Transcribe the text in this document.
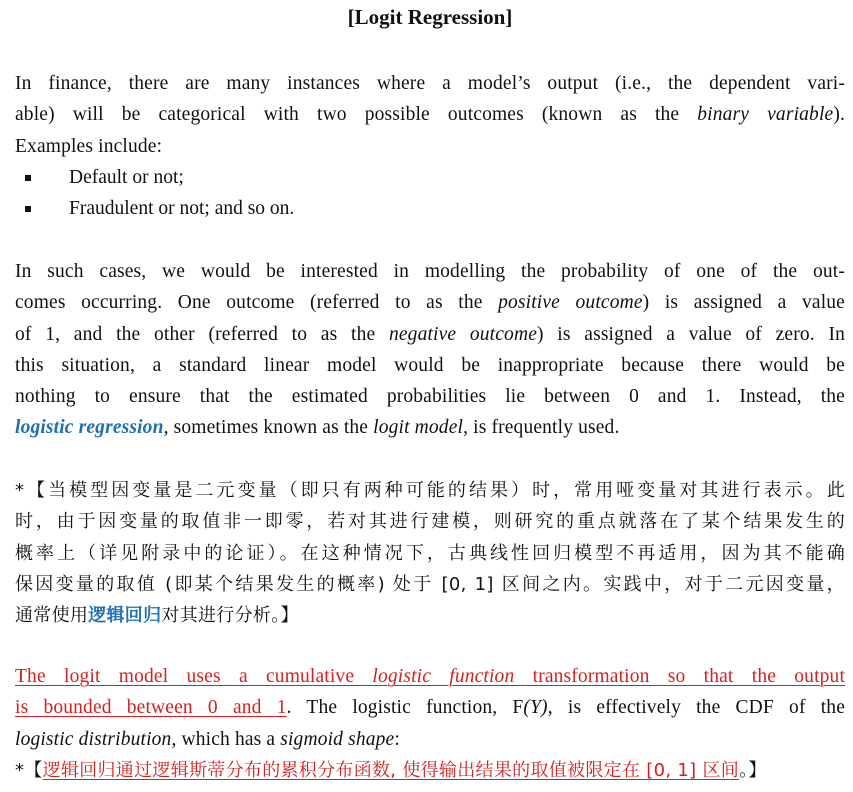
[Logit Regression]
In finance, there are many instances where a model’s output (i.e., the dependent vari-
able) will be categorical with two possible outcomes (known as the binary variable).
Examples include:
Default or not;
Fraudulent or not; and so on.
In such cases, we would be interested in modelling the probability of one of the out-
comes occurring. One outcome (referred to as the positive outcome) is assigned a value
of 1, and the other (referred to as the negative outcome) is assigned a value of zero. In
this situation, a standard linear model would be inappropriate because there would be
nothing to ensure that the estimated probabilities lie between 0 and 1. Instead, the
logistic regression, sometimes known as the logit model, is frequently used.
*【当模型因变量是二元变量（即只有两种可能的结果）时，常用哑变量对其进行表示。此
时，由于因变量的取值非一即零，若对其进行建模，则研究的重点就落在了某个结果发生的
概率上（详见附录中的论证）。在这种情况下，古典线性回归模型不再适用，因为其不能确
保因变量的取值 (即某个结果发生的概率) 处于 [0, 1] 区间之内。实践中，对于二元因变量，
通常使用逻辑回归对其进行分析。】
The logit model uses a cumulative logistic function transformation so that the output
is bounded between 0 and 1. The logistic function, F(Y), is effectively the CDF of the
logistic distribution, which has a sigmoid shape:
*【逻辑回归通过逻辑斯蒂分布的累积分布函数, 使得输出结果的取值被限定在 [0, 1] 区间。】
